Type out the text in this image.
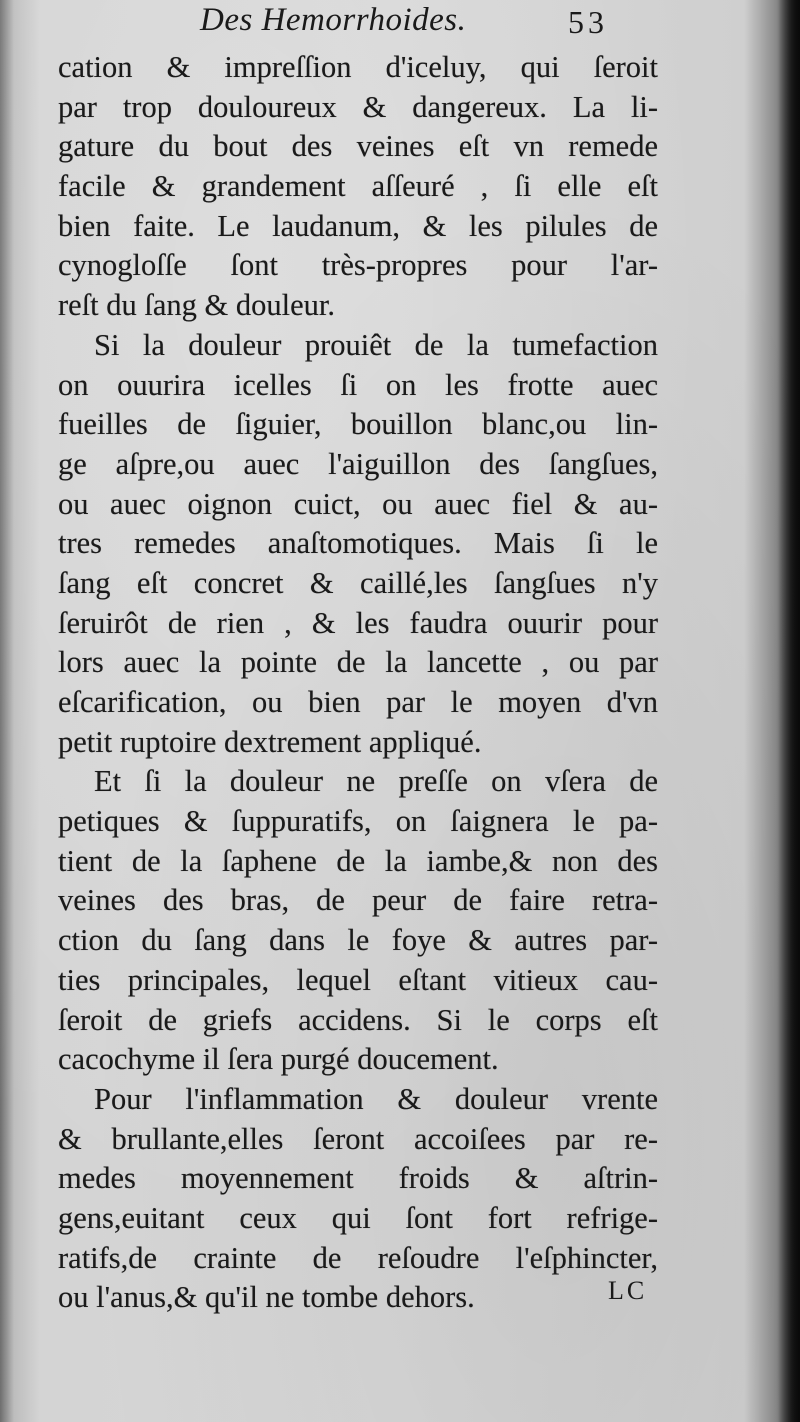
Des Hemorrhoides.	53
cation & impreſſion d'iceluy, qui ſeroit
par trop douloureux & dangereux. La li-
gature du bout des veines eſt vn remede
facile & grandement aſſeuré , ſi elle eſt
bien faite. Le laudanum, & les pilules de
cynogloſſe ſont très-propres pour l'ar-
reſt du ſang & douleur.
Si la douleur prouiêt de la tumefaction
on ouurira icelles ſi on les frotte auec
fueilles de ſiguier, bouillon blanc,ou lin-
ge aſpre,ou auec l'aiguillon des ſangſues,
ou auec oignon cuict, ou auec fiel & au-
tres remedes anaſtomotiques. Mais ſi le
ſang eſt concret & caillé,les ſangſues n'y
ſeruirôt de rien , & les faudra ouurir pour
lors auec la pointe de la lancette , ou par
eſcarification, ou bien par le moyen d'vn
petit ruptoire dextrement appliqué.
Et ſi la douleur ne preſſe on vſera de
petiques & ſuppuratifs, on ſaignera le pa-
tient de la ſaphene de la iambe,& non des
veines des bras, de peur de faire retra-
ction du ſang dans le foye & autres par-
ties principales, lequel eſtant vitieux cau-
ſeroit de griefs accidens. Si le corps eſt
cacochyme il ſera purgé doucement.
Pour l'inflammation & douleur vrente
& brullante,elles ſeront accoiſees par re-
medes moyennement froids & aſtrin-
gens,euitant ceux qui ſont fort refrige-
ratifs,de crainte de reſoudre l'eſphincter,
ou l'anus,& qu'il ne tombe dehors.	LC
